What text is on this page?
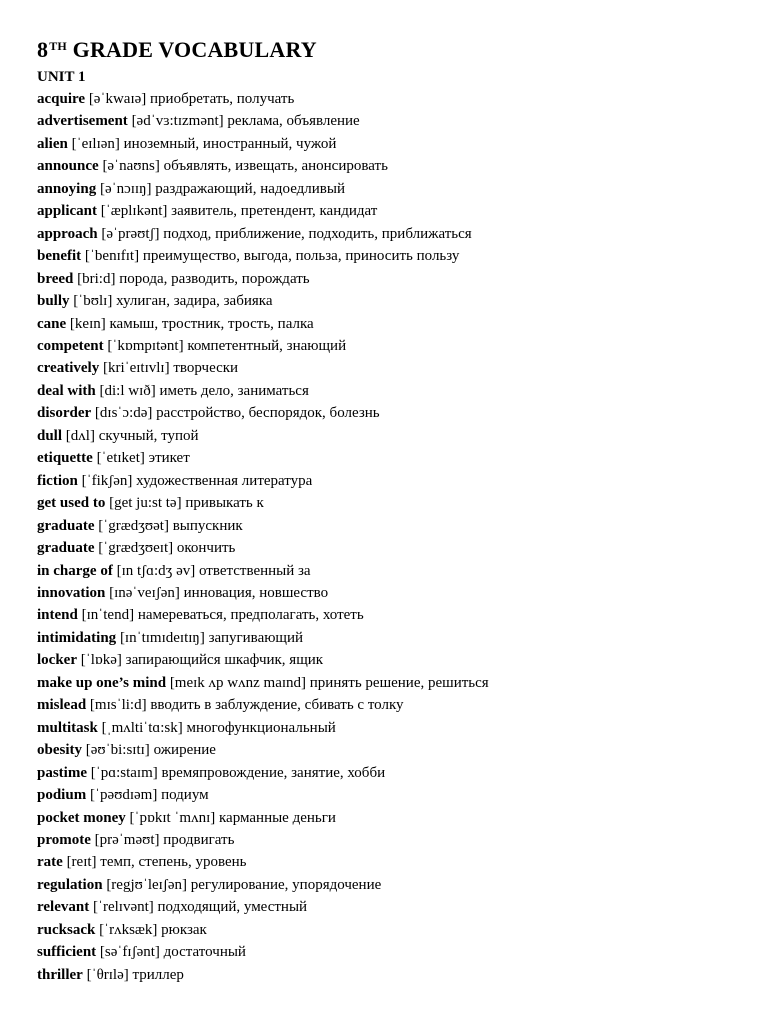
8TH GRADE VOCABULARY
UNIT 1
acquire [əˈkwaɪə] приобретать, получать
advertisement [ədˈvɜ:tɪzmənt] реклама, объявление
alien [ˈeɪlɪən] иноземный, иностранный, чужой
announce [əˈnaʊns] объявлять, извещать, анонсировать
annoying [əˈnɔɪɪŋ] раздражающий, надоедливый
applicant [ˈæplɪkənt] заявитель, претендент, кандидат
approach [əˈprəʊtʃ] подход, приближение, подходить, приближаться
benefit [ˈbenɪfɪt] преимущество, выгода, польза, приносить пользу
breed [bri:d] порода, разводить, порождать
bully [ˈbʊlɪ] хулиган, задира, забияка
cane [keɪn] камыш, тростник, трость, палка
competent [ˈkɒmpɪtənt] компетентный, знающий
creatively [kriˈeɪtɪvlɪ] творчески
deal with [di:l wɪð] иметь дело, заниматься
disorder [dɪsˈɔ:də] расстройство, беспорядок, болезнь
dull [dʌl] скучный, тупой
etiquette [ˈetɪket] этикет
fiction [ˈfikʃən] художественная литература
get used to [get ju:st tə] привыкать к
graduate [ˈgrædʒʊət] выпускник
graduate [ˈgrædʒʊeɪt] окончить
in charge of [ɪn tʃɑ:dʒ əv] ответственный за
innovation [ɪnəˈveɪʃən] инновация, новшество
intend [ɪnˈtend] намереваться, предполагать, хотеть
intimidating [ɪnˈtɪmɪdeɪtɪŋ] запугивающий
locker [ˈlɒkə] запирающийся шкафчик, ящик
make up one’s mind [meɪk ʌp wʌnz maɪnd] принять решение, решиться
mislead [mɪsˈli:d] вводить в заблуждение, сбивать с толку
multitask [ˌmʌltiˈtɑ:sk] многофункциональный
obesity [əʊˈbi:sɪtɪ] ожирение
pastime [ˈpɑ:staɪm] времяпровождение, занятие, хобби
podium [ˈpəʊdɪəm] подиум
pocket money [ˈpɒkɪt ˈmʌnɪ] карманные деньги
promote [prəˈməʊt] продвигать
rate [reɪt] темп, степень, уровень
regulation [regjʊˈleɪʃən] регулирование, упорядочение
relevant [ˈrelɪvənt] подходящий, уместный
rucksack [ˈrʌksæk] рюкзак
sufficient [səˈfɪʃənt] достаточный
thriller [ˈθrɪlə] триллер
